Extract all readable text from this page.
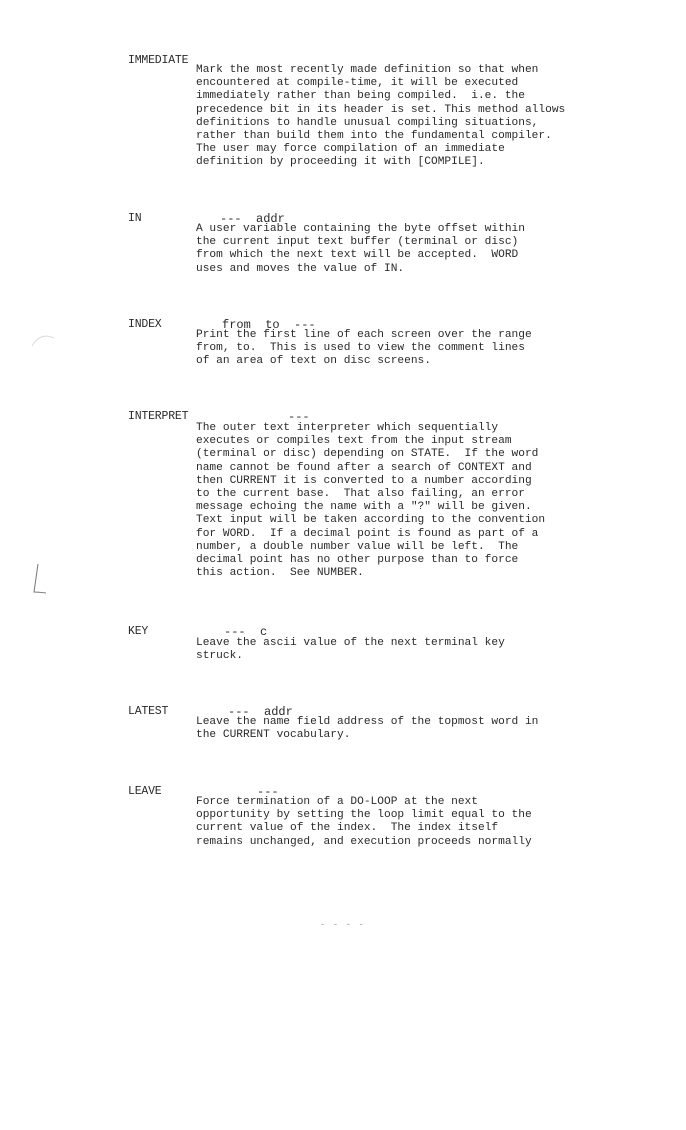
IMMEDIATE
Mark the most recently made definition so that when
encountered at compile-time, it will be executed
immediately rather than being compiled.  i.e. the
precedence bit in its header is set. This method allows
definitions to handle unusual compiling situations,
rather than build them into the fundamental compiler.
The user may force compilation of an immediate
definition by proceeding it with [COMPILE].
IN	---  addr
A user variable containing the byte offset within
the current input text buffer (terminal or disc)
from which the next text will be accepted.  WORD
uses and moves the value of IN.
INDEX	from  to  ---
Print the first line of each screen over the range
from, to.  This is used to view the comment lines
of an area of text on disc screens.
INTERPRET	---
The outer text interpreter which sequentially
executes or compiles text from the input stream
(terminal or disc) depending on STATE.  If the word
name cannot be found after a search of CONTEXT and
then CURRENT it is converted to a number according
to the current base.  That also failing, an error
message echoing the name with a "?" will be given.
Text input will be taken according to the convention
for WORD.  If a decimal point is found as part of a
number, a double number value will be left.  The
decimal point has no other purpose than to force
this action.  See NUMBER.
KEY	---  c
Leave the ascii value of the next terminal key
struck.
LATEST	---  addr
Leave the name field address of the topmost word in
the CURRENT vocabulary.
LEAVE	---
Force termination of a DO-LOOP at the next
opportunity by setting the loop limit equal to the
current value of the index.  The index itself
remains unchanged, and execution proceeds normally
- - - -
